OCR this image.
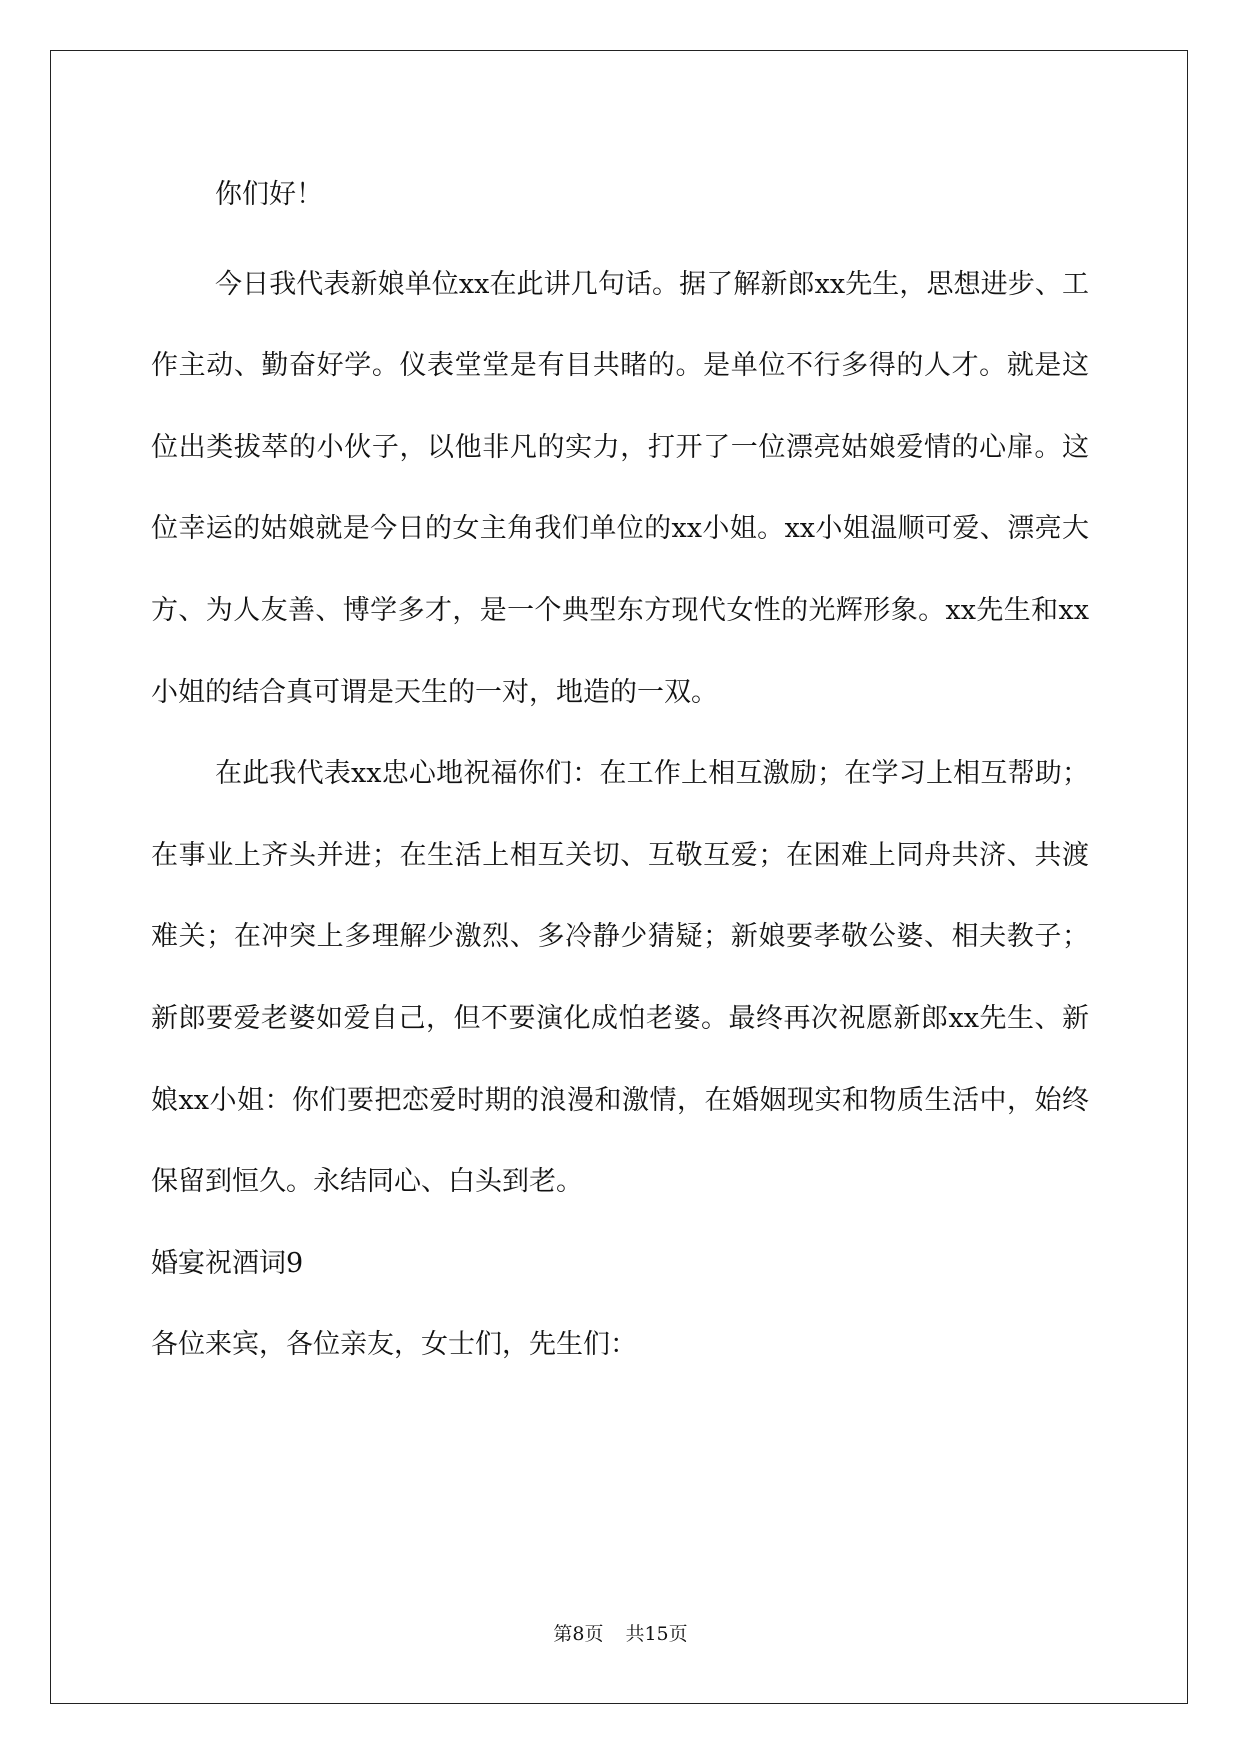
你们好！

今日我代表新娘单位xx在此讲几句话。据了解新郎xx先生，思想进步、工作主动、勤奋好学。仪表堂堂是有目共睹的。是单位不行多得的人才。就是这位出类拔萃的小伙子，以他非凡的实力，打开了一位漂亮姑娘爱情的心扉。这位幸运的姑娘就是今日的女主角我们单位的xx小姐。xx小姐温顺可爱、漂亮大方、为人友善、博学多才，是一个典型东方现代女性的光辉形象。xx先生和xx小姐的结合真可谓是天生的一对，地造的一双。

在此我代表xx忠心地祝福你们：在工作上相互激励；在学习上相互帮助；在事业上齐头并进；在生活上相互关切、互敬互爱；在困难上同舟共济、共渡难关；在冲突上多理解少激烈、多冷静少猜疑；新娘要孝敬公婆、相夫教子；新郎要爱老婆如爱自己，但不要演化成怕老婆。最终再次祝愿新郎xx先生、新娘xx小姐：你们要把恋爱时期的浪漫和激情，在婚姻现实和物质生活中，始终保留到恒久。永结同心、白头到老。

婚宴祝酒词9

各位来宾，各位亲友，女士们，先生们：

第8页 共15页
